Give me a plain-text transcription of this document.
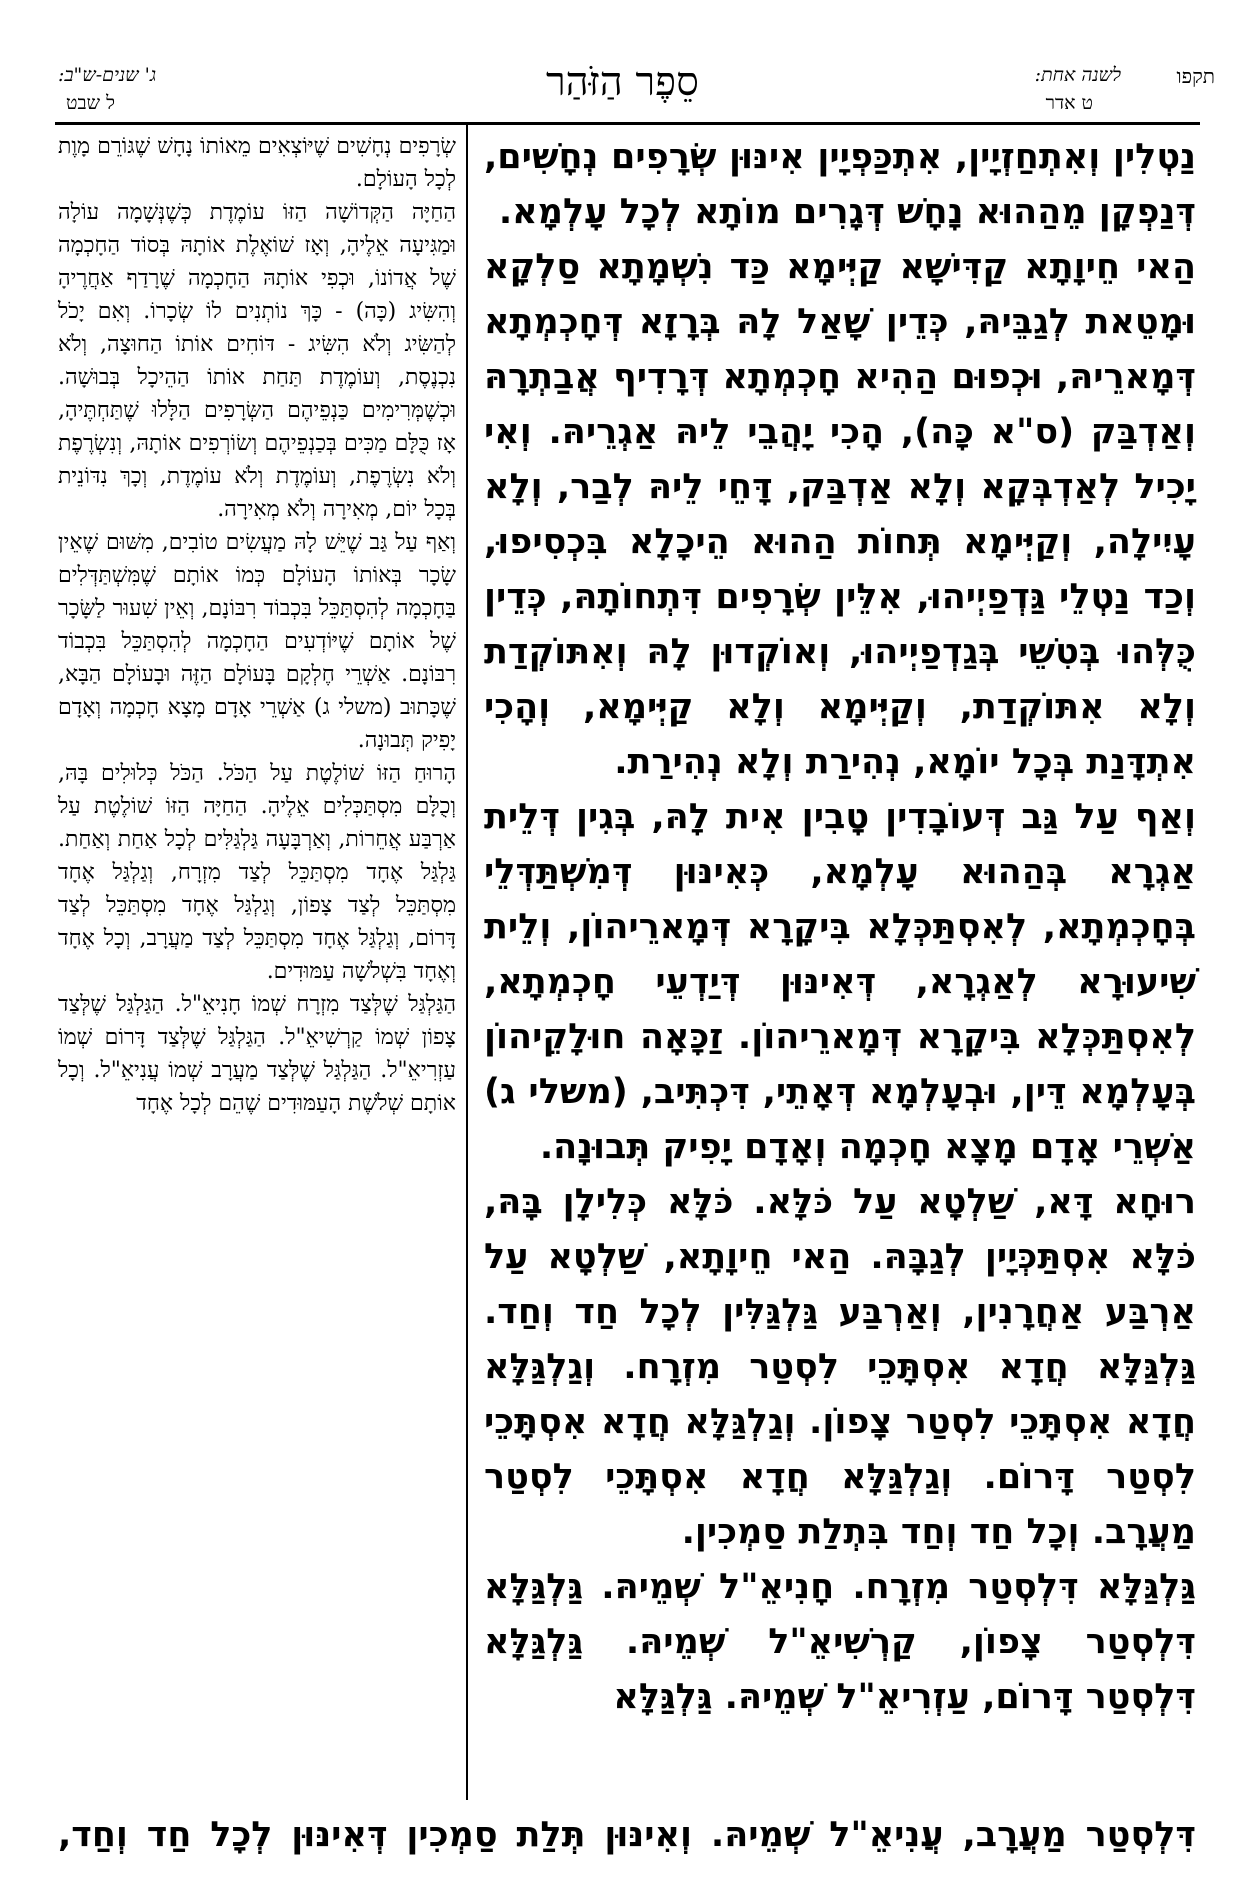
תקפו
לשנה אחת:
ט אדר
סֵפֶר הַזֹּהַר
ג' שנים-ש"ב:
ל שבט

נַטְלִין וְאִתְחַזְיָין, אִתְכַּפְיָין אִינּוּן שְׂרָפִים נְחָשִׁים, דְּנַפְקָן מֵהַהוּא נָחָשׁ דְּגָרִים מוֹתָא לְכָל עָלְמָא.

הַאי חֵיוָתָא קַדִּישָׁא קַיְּימָא כַּד נִשְׁמָתָא סַלְקָא וּמָטֵאת לְגַבֵּיהּ, כְּדֵין שָׁאַל לָהּ בְּרָזָא דְּחָכְמְתָא דְּמָארֵיהּ, וּכְפוּם הַהִיא חָכְמְתָא דְּרָדִיף אֲבַתְרָהּ וְאַדְבַּק (ס"א כָּה), הָכִי יָהֲבֵי לֵיהּ אַגְרֵיהּ. וְאִי יָכִיל לְאַדְבְּקָא וְלָא אַדְבַּק, דָּחֵי לֵיהּ לְבַר, וְלָא עָיִילָה, וְקַיְּימָא תְּחוֹת הַהוּא הֵיכָלָא בִּכְסִיפוּ, וְכַד נַטְלֵי גַּדְפַיְיהוּ, אִלֵּין שְׂרָפִים דִּתְחוֹתָהּ, כְּדֵין כֻּלְּהוּ בְּטִשֵׁי בְּגַדְפַיְיהוּ, וְאוֹקְדוּן לָהּ וְאִתּוֹקְדַת וְלָא אִתּוֹקְדַת, וְקַיְּימָא וְלָא קַיְּימָא, וְהָכִי אִתְדָּנַת בְּכָל יוֹמָא, נְהִירַת וְלָא נְהִירַת.

וְאַף עַל גַּב דְּעוֹבָדִין טָבִין אִית לָהּ, בְּגִין דְּלֵית אַגְרָא בְּהַהוּא עָלְמָא, כְּאִינּוּן דְּמִשְׁתַּדְּלֵי בְּחָכְמְתָא, לְאִסְתַּכְּלָא בִּיקָרָא דְּמָארֵיהוֹן, וְלֵית שִׁיעוּרָא לְאַגְרָא, דְּאִינּוּן דְּיַדְעֵי חָכְמְתָא, לְאִסְתַּכְּלָא בִּיקָרָא דְּמָארֵיהוֹן. זַכָּאָה חוּלָקֵיהוֹן בְּעָלְמָא דֵּין, וּבְעָלְמָא דְּאָתֵי, דִּכְתִּיב, (משלי ג) אַשְׁרֵי אָדָם מָצָא חָכְמָה וְאָדָם יָפִיק תְּבוּנָה.

רוּחָא דָּא, שַׁלְטָא עַל כֹּלָּא. כֹּלָּא כְּלִילָן בָּהּ, כֹּלָּא אִסְתַּכְּיָין לְגַבָּהּ. הַאי חֵיוָתָא, שַׁלְטָא עַל אַרְבַּע אַחֲרָנִין, וְאַרְבַּע גַּלְגַּלִּין לְכָל חַד וְחַד. גַּלְגַּלָּא חֲדָא אִסְתָּכֵי לִסְטַר מִזְרָח. וְגַלְגַּלָּא חֲדָא אִסְתָּכֵי לִסְטַר צָפוֹן. וְגַלְגַּלָּא חֲדָא אִסְתָּכֵי לִסְטַר דָּרוֹם. וְגַלְגַּלָּא חֲדָא אִסְתָּכֵי לִסְטַר מַעֲרָב. וְכָל חַד וְחַד בִּתְלַת סַמְכִין.

גַּלְגַּלָּא דִּלְסְטַר מִזְרָח. חָנִיאֵ"ל שְׁמֵיהּ. גַּלְגַּלָּא דִּלְסְטַר צָפוֹן, קַרְשִׁיאֵ"ל שְׁמֵיהּ. גַּלְגַּלָּא דִּלְסְטַר דָּרוֹם, עַזְרִיאֵ"ל שְׁמֵיהּ. גַּלְגַּלָּא

שְׂרָפִים נְחָשִׁים שֶׁיּוֹצְאִים מֵאוֹתוֹ נָחָשׁ שֶׁגּוֹרֵם מָוֶת לְכָל הָעוֹלָם.

הַחַיָּה הַקְּדוֹשָׁה הַזּוֹ עוֹמֶדֶת כְּשֶׁנְּשָׁמָה עוֹלָה וּמַגִּיעָה אֵלֶיהָ, וְאָז שׁוֹאֶלֶת אוֹתָהּ בְּסוֹד הַחָכְמָה שֶׁל אֲדוֹנוֹ, וּכְפִי אוֹתָהּ הַחָכְמָה שֶׁרָדַף אַחֲרֶיהָ וְהִשִּׂיג (כָּה) - כָּךְ נוֹתְנִים לוֹ שְׂכָרוֹ. וְאִם יָכֹל לְהַשִּׂיג וְלֹא הִשִּׂיג - דּוֹחִים אוֹתוֹ הַחוּצָה, וְלֹא נִכְנֶסֶת, וְעוֹמֶדֶת תַּחַת אוֹתוֹ הַהֵיכָל בְּבוּשָׁה. וּכְשֶׁמְּרִימִים כַּנְפֵיהֶם הַשְּׂרָפִים הַלָּלוּ שֶׁתַּחְתֶּיהָ, אָז כֻּלָּם מַכִּים בְּכַנְפֵיהֶם וְשׂוֹרְפִים אוֹתָהּ, וְנִשְׂרֶפֶת וְלֹא נִשְׂרֶפֶת, וְעוֹמֶדֶת וְלֹא עוֹמֶדֶת, וְכָךְ נִדּוֹנֵית בְּכָל יוֹם, מְאִירָה וְלֹא מְאִירָה.

וְאַף עַל גַּב שֶׁיֵּשׁ לָהּ מַעֲשִׂים טוֹבִים, מִשּׁוּם שֶׁאֵין שָׂכָר בְּאוֹתוֹ הָעוֹלָם כְּמוֹ אוֹתָם שֶׁמִּשְׁתַּדְּלִים בַּחָכְמָה לְהִסְתַּכֵּל בִּכְבוֹד רִבּוֹנָם, וְאֵין שִׁעוּר לַשָּׂכָר שֶׁל אוֹתָם שֶׁיּוֹדְעִים הַחָכְמָה לְהִסְתַּכֵּל בִּכְבוֹד רִבּוֹנָם. אַשְׁרֵי חֶלְקָם בָּעוֹלָם הַזֶּה וּבָעוֹלָם הַבָּא, שֶׁכָּתוּב (משלי ג) אַשְׁרֵי אָדָם מָצָא חָכְמָה וְאָדָם יָפִיק תְּבוּנָה.

הָרוּחַ הַזּוֹ שׁוֹלֶטֶת עַל הַכֹּל. הַכֹּל כְּלוּלִים בָּהּ, וְכֻלָּם מִסְתַּכְּלִים אֵלֶיהָ. הַחַיָּה הַזּוֹ שׁוֹלֶטֶת עַל אַרְבַּע אֲחֵרוֹת, וְאַרְבָּעָה גַּלְגַּלִּים לְכָל אַחַת וְאַחַת. גַּלְגַּל אֶחָד מִסְתַּכֵּל לְצַד מִזְרָח, וְגַלְגַּל אֶחָד מִסְתַּכֵּל לְצַד צָפוֹן, וְגַלְגַּל אֶחָד מִסְתַּכֵּל לְצַד דָּרוֹם, וְגַלְגַּל אֶחָד מִסְתַּכֵּל לְצַד מַעֲרָב, וְכָל אֶחָד וְאֶחָד בִּשְׁלֹשָׁה עַמּוּדִים.

הַגַּלְגַּל שֶׁלְּצַד מִזְרָח שְׁמוֹ חָנִיאֵ"ל. הַגַּלְגַּל שֶׁלְּצַד צָפוֹן שְׁמוֹ קַרְשִׁיאֵ"ל. הַגַּלְגַּל שֶׁלְּצַד דָּרוֹם שְׁמוֹ עַזְרִיאֵ"ל. הַגַּלְגַּל שֶׁלְּצַד מַעֲרָב שְׁמוֹ עֲנִיאֵ"ל. וְכָל אוֹתָם שְׁלֹשֶׁת הָעַמּוּדִים שֶׁהֵם לְכָל אֶחָד

דִּלְסְטַר מַעֲרָב, עֲנִיאֵ"ל שְׁמֵיהּ. וְאִינּוּן תְּלַת סַמְכִין דְּאִינּוּן לְכָל חַד וְחַד,
